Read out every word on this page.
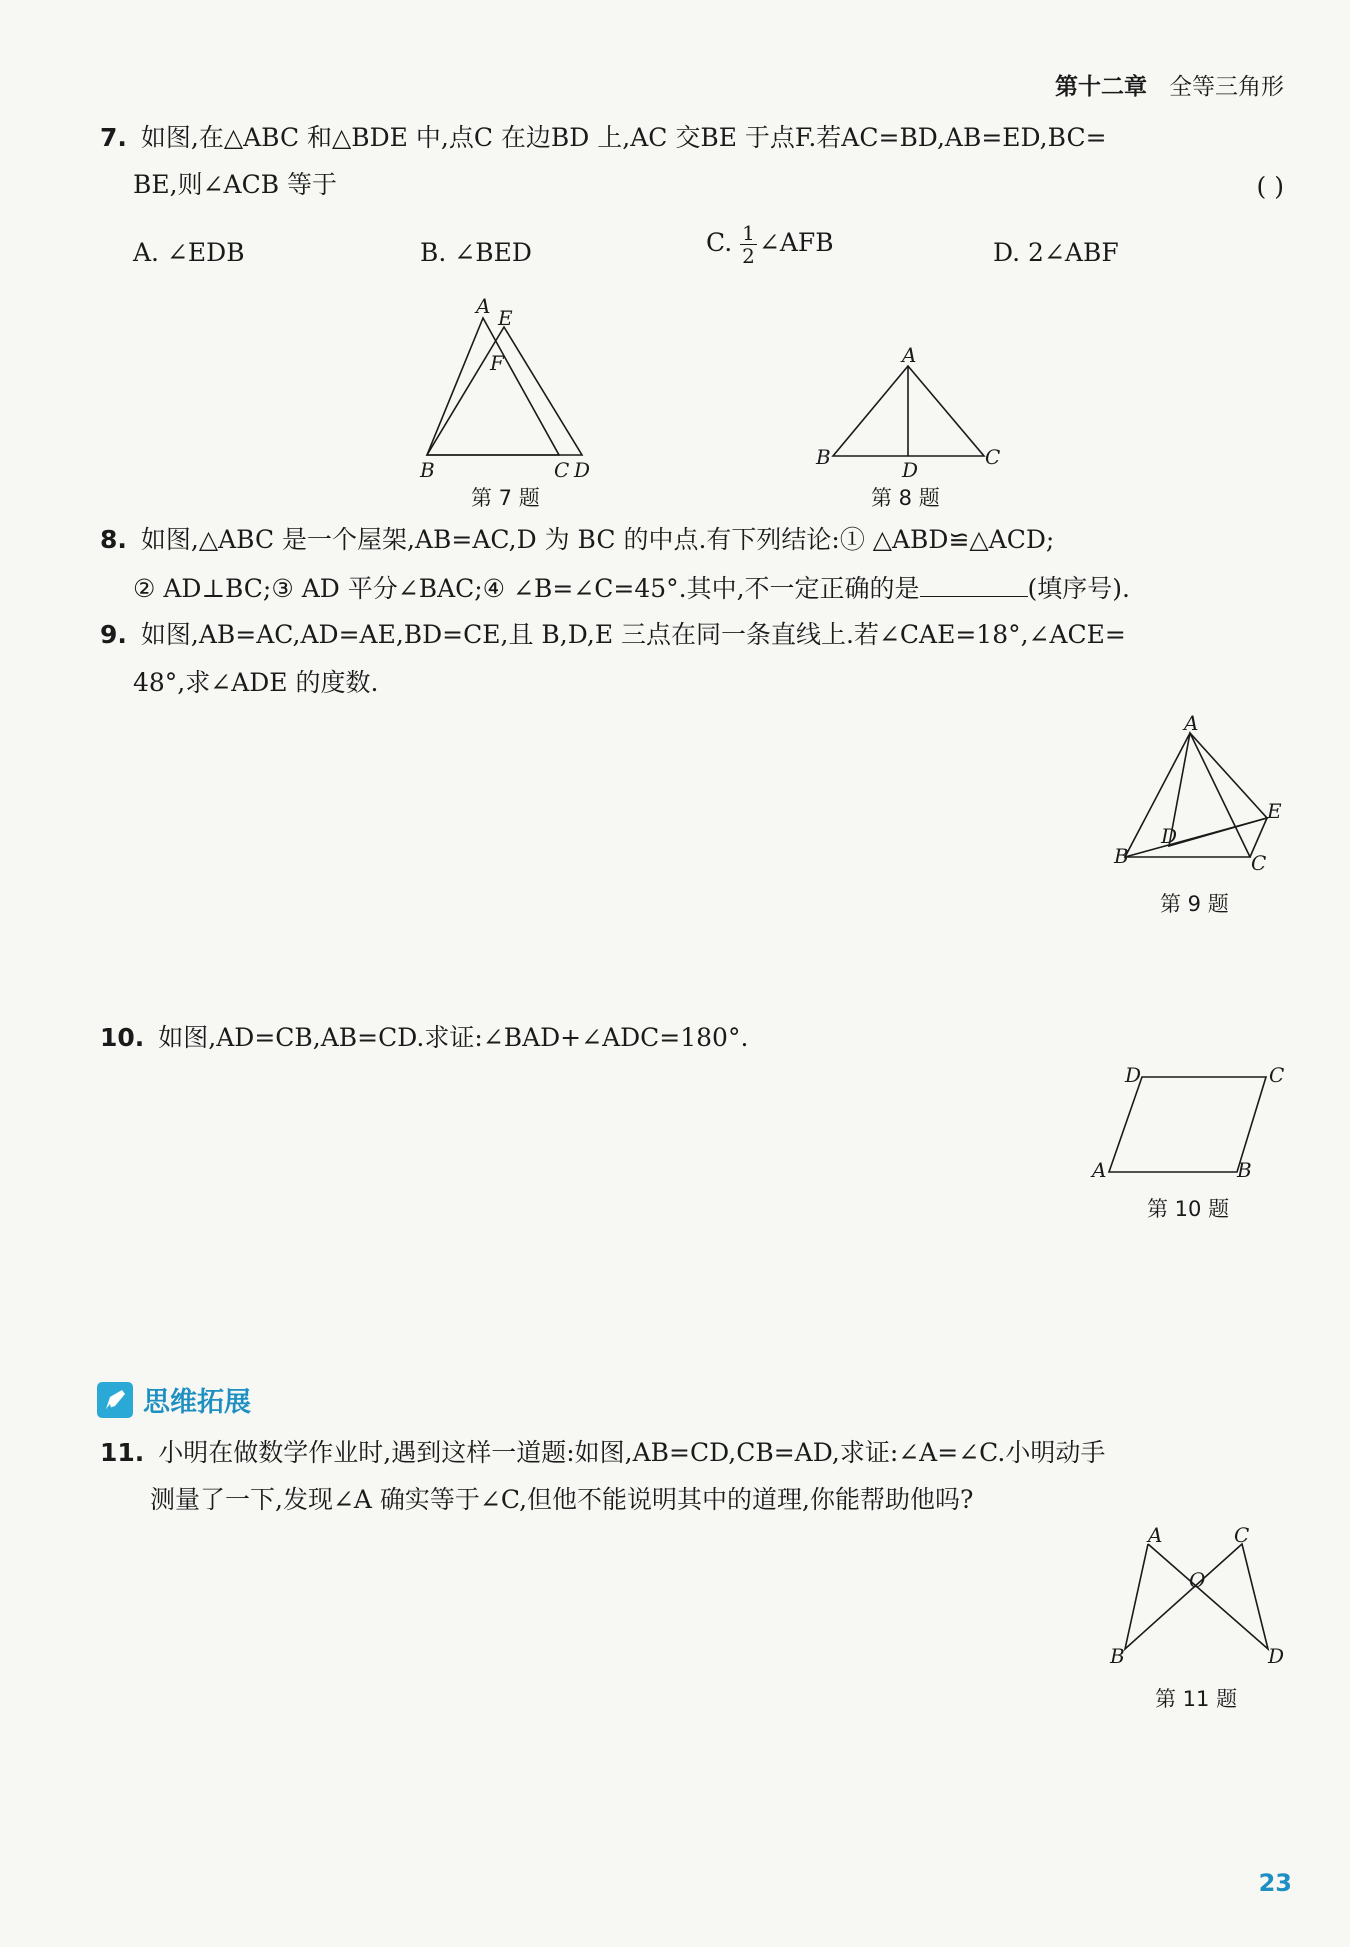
第十二章 全等三角形
7. 如图,在△ABC 和△BDE 中,点C 在边BD 上,AC 交BE 于点F.若AC=BD,AB=ED,BC=
BE,则∠ACB 等于	( )
A. ∠EDB	B. ∠BED	C. $\frac{1}{2}$ ∠AFB	D. 2∠ABF
A E
F
B	C D
第 7 题
A
B
D
C
第 8 题
8. 如图,△ABC 是一个屋架,AB=AC,D 为 BC 的中点.有下列结论:① △ABD≌△ACD;
② AD⊥BC;③ AD 平分∠BAC;④ ∠B=∠C=45°.其中,不一定正确的是	(填序号).
9. 如图,AB=AC,AD=AE,BD=CE,且 B,D,E 三点在同一条直线上.若∠CAE=18°,∠ACE=
48°,求∠ADE 的度数.
A
E
D
B	C
第 9 题
10. 如图,AD=CB,AB=CD.求证:∠BAD+∠ADC=180°.
D	C
A	B
第 10 题
思维拓展
11. 小明在做数学作业时,遇到这样一道题:如图,AB=CD,CB=AD,求证:∠A=∠C.小明动手
测量了一下,发现∠A 确实等于∠C,但他不能说明其中的道理,你能帮助他吗?
A	C
O
B	D
第 11 题
23
